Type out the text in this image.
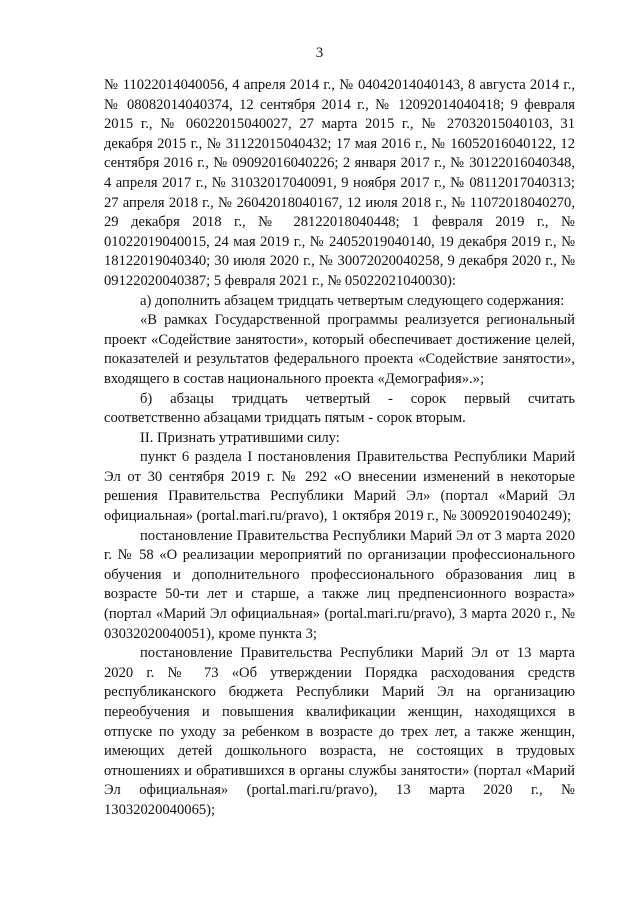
3

№ 11022014040056, 4 апреля 2014 г., № 04042014040143, 8 августа 2014 г., № 08082014040374, 12 сентября 2014 г., № 12092014040418; 9 февраля 2015 г., № 06022015040027, 27 марта 2015 г., № 27032015040103, 31 декабря 2015 г., № 31122015040432; 17 мая 2016 г., № 16052016040122, 12 сентября 2016 г., № 09092016040226; 2 января 2017 г., № 30122016040348, 4 апреля 2017 г., № 31032017040091, 9 ноября 2017 г., № 08112017040313; 27 апреля 2018 г., № 26042018040167, 12 июля 2018 г., № 11072018040270, 29 декабря 2018 г., № 28122018040448; 1 февраля 2019 г., № 01022019040015, 24 мая 2019 г., № 24052019040140, 19 декабря 2019 г., № 18122019040340; 30 июля 2020 г., № 30072020040258, 9 декабря 2020 г., № 09122020040387; 5 февраля 2021 г., № 05022021040030):

а) дополнить абзацем тридцать четвертым следующего содержания:

«В рамках Государственной программы реализуется региональный проект «Содействие занятости», который обеспечивает достижение целей, показателей и результатов федерального проекта «Содействие занятости», входящего в состав национального проекта «Демография».»;

б) абзацы тридцать четвертый - сорок первый считать соответственно абзацами тридцать пятым - сорок вторым.

II. Признать утратившими силу:

пункт 6 раздела I постановления Правительства Республики Марий Эл от 30 сентября 2019 г. № 292 «О внесении изменений в некоторые решения Правительства Республики Марий Эл» (портал «Марий Эл официальная» (portal.mari.ru/pravo), 1 октября 2019 г., № 30092019040249);

постановление Правительства Республики Марий Эл от 3 марта 2020 г. № 58 «О реализации мероприятий по организации профессионального обучения и дополнительного профессионального образования лиц в возрасте 50-ти лет и старше, а также лиц предпенсионного возраста» (портал «Марий Эл официальная» (portal.mari.ru/pravo), 3 марта 2020 г., № 03032020040051), кроме пункта 3;

постановление Правительства Республики Марий Эл от 13 марта 2020 г. № 73 «Об утверждении Порядка расходования средств республиканского бюджета Республики Марий Эл на организацию переобучения и повышения квалификации женщин, находящихся в отпуске по уходу за ребенком в возрасте до трех лет, а также женщин, имеющих детей дошкольного возраста, не состоящих в трудовых отношениях и обратившихся в органы службы занятости» (портал «Марий Эл официальная» (portal.mari.ru/pravo), 13 марта 2020 г., № 13032020040065);
